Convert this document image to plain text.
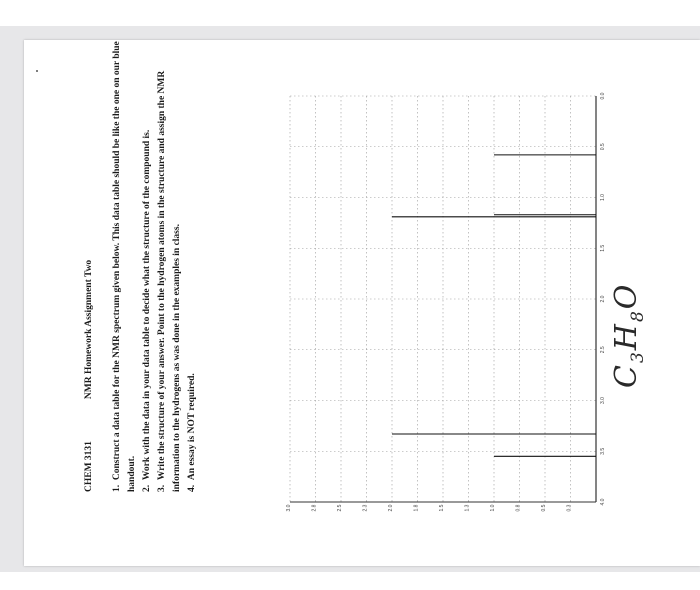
CHEM 3131
NMR Homework Assignment Two
1.  Construct a data table for the NMR spectrum given below. This data table should be like the one on our blue handout. 2.  Work with the data in your data table to decide what the structure of the compound is.
3.  Write the structure of your answer. Point to the hydrogen atoms in the structure and assign the NMR information to the hydrogens as was done in the examples in class. 4.  An essay is NOT required.
4.0
3.5
3.0
2.5
2.0
1.5
1.0
0.5
0.0
0.3
0.5
0.8
1.0
1.3
1.5
1.8
2.0
2.3
2.5
2.8
3.0
$C_3H_8O$
